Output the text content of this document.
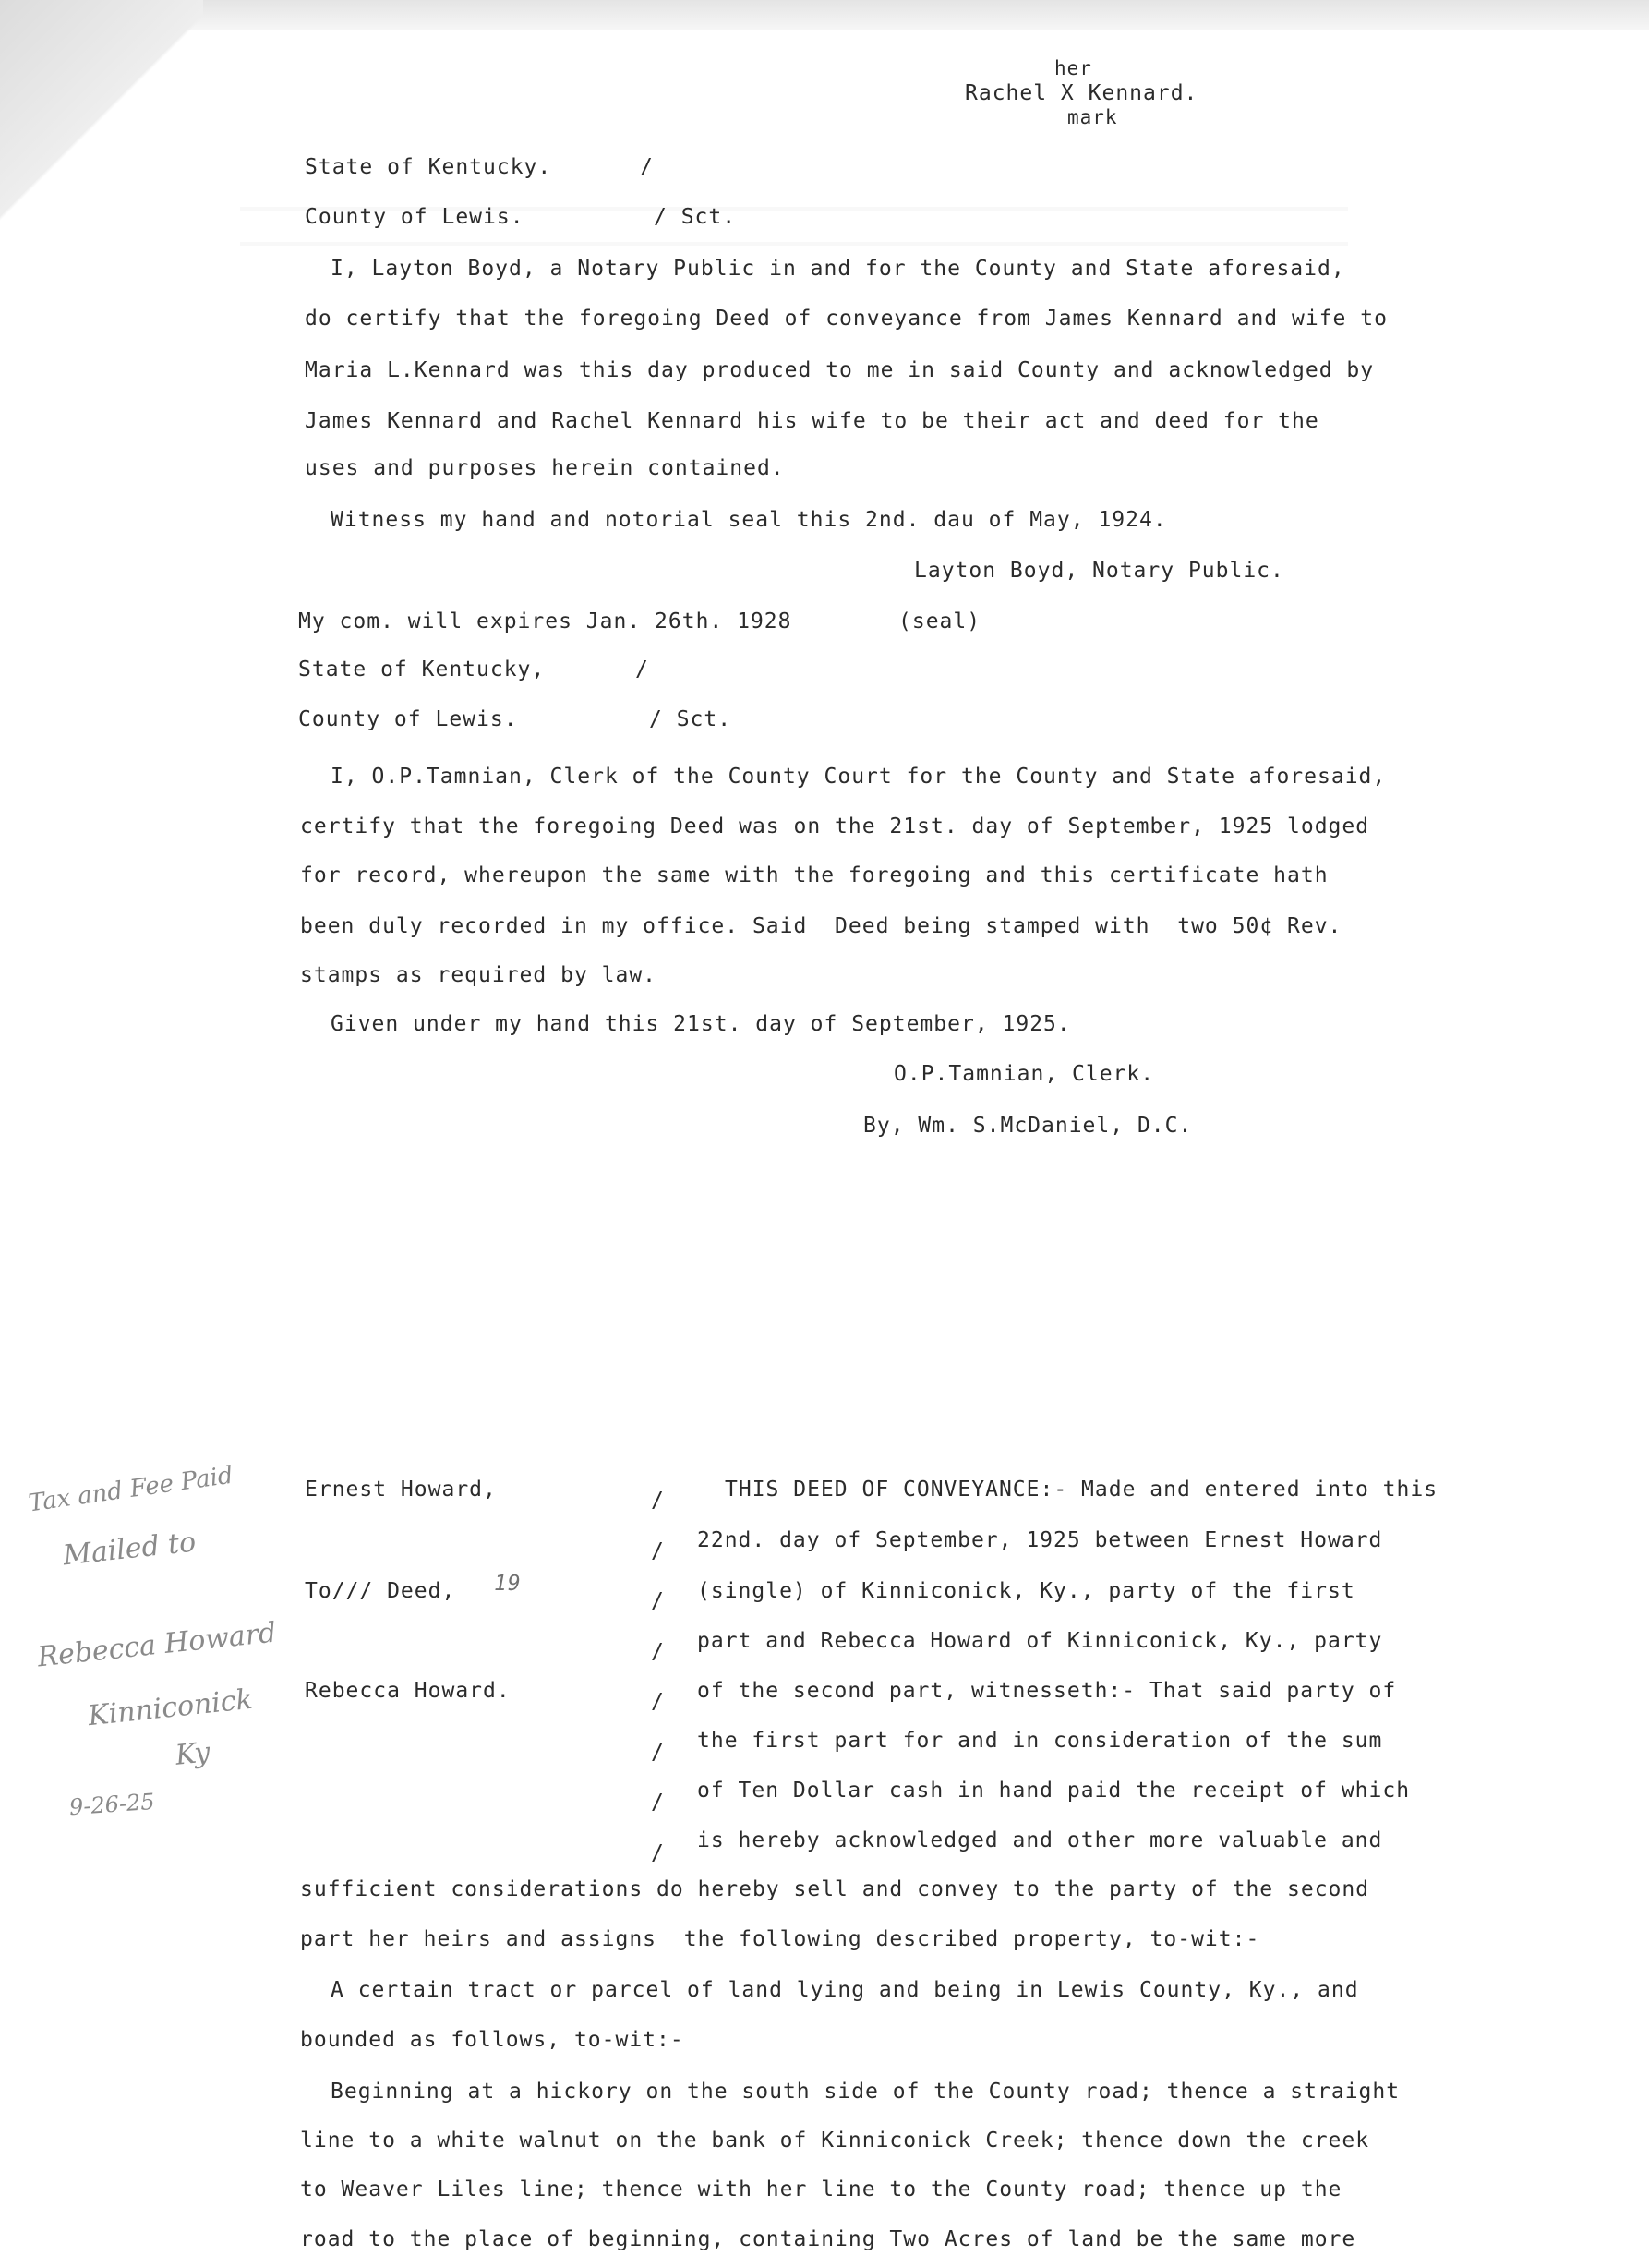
her
Rachel X Kennard.
mark
State of Kentucky.	/
County of Lewis.	/ Sct.
I, Layton Boyd, a Notary Public in and for the County and State aforesaid,
do certify that the foregoing Deed of conveyance from James Kennard and wife to
Maria L.Kennard was this day produced to me in said County and acknowledged by
James Kennard and Rachel Kennard his wife to be their act and deed for the
uses and purposes herein contained.
Witness my hand and notorial seal this 2nd. dau of May, 1924.
Layton Boyd, Notary Public.
My com. will expires Jan. 26th. 1928	(seal)
State of Kentucky,	/
County of Lewis.	/ Sct.
I, O.P.Tamnian, Clerk of the County Court for the County and State aforesaid,
certify that the foregoing Deed was on the 21st. day of September, 1925 lodged
for record, whereupon the same with the foregoing and this certificate hath
been duly recorded in my office. Said  Deed being stamped with  two 50¢ Rev.
stamps as required by law.
Given under my hand this 21st. day of September, 1925.
O.P.Tamnian, Clerk.
By, Wm. S.McDaniel, D.C.
Tax and Fee Paid
Mailed to
Rebecca Howard
Kinniconick
Ky
9-26-25
Ernest Howard,
To/// Deed, 19
Rebecca Howard.
/
/
/
/
/
/
/
/
THIS DEED OF CONVEYANCE:- Made and entered into this
22nd. day of September, 1925 between Ernest Howard
(single) of Kinniconick, Ky., party of the first
part and Rebecca Howard of Kinniconick, Ky., party
of the second part, witnesseth:- That said party of
the first part for and in consideration of the sum
of Ten Dollar cash in hand paid the receipt of which
is hereby acknowledged and other more valuable and
sufficient considerations do hereby sell and convey to the party of the second
part her heirs and assigns  the following described property, to-wit:-
A certain tract or parcel of land lying and being in Lewis County, Ky., and
bounded as follows, to-wit:-
Beginning at a hickory on the south side of the County road; thence a straight
line to a white walnut on the bank of Kinniconick Creek; thence down the creek
to Weaver Liles line; thence with her line to the County road; thence up the
road to the place of beginning, containing Two Acres of land be the same more
